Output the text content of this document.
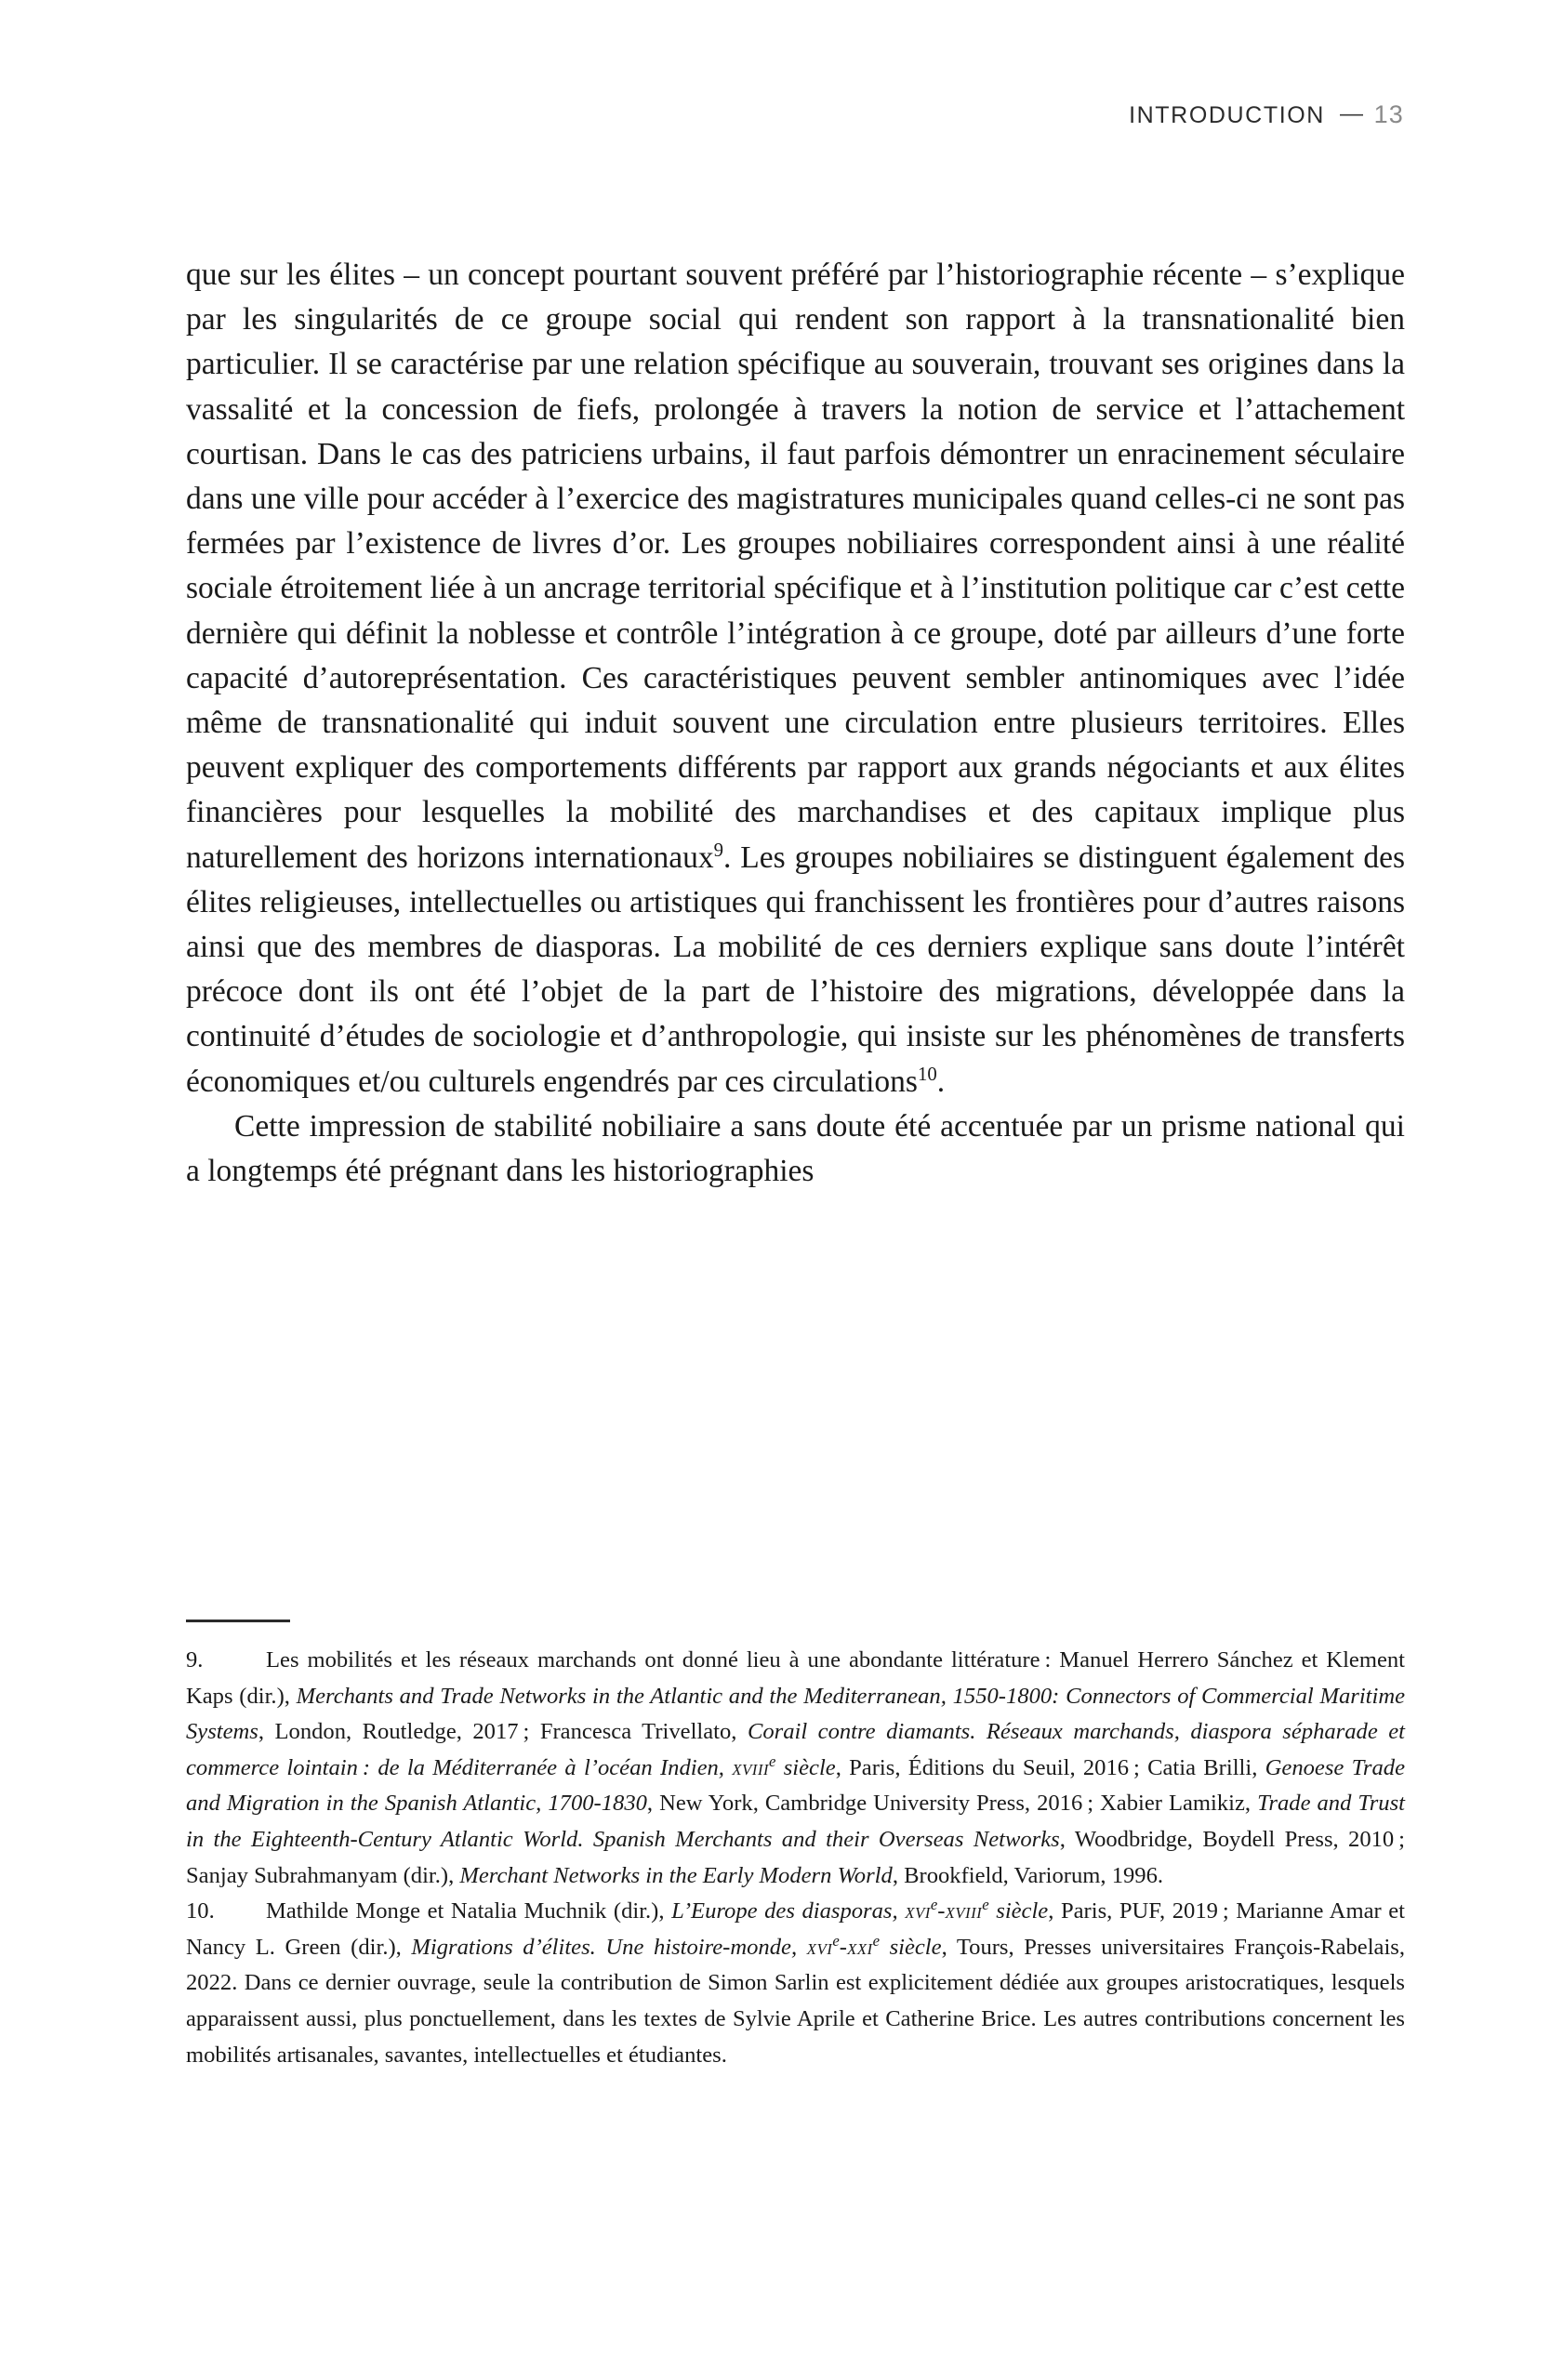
INTRODUCTION — 13

que sur les élites – un concept pourtant souvent préféré par l’historiographie récente – s’explique par les singularités de ce groupe social qui rendent son rapport à la transnationalité bien particulier. Il se caractérise par une relation spécifique au souverain, trouvant ses origines dans la vassalité et la concession de fiefs, prolongée à travers la notion de service et l’attachement courtisan. Dans le cas des patriciens urbains, il faut parfois démontrer un enracinement séculaire dans une ville pour accéder à l’exercice des magistratures municipales quand celles-ci ne sont pas fermées par l’existence de livres d’or. Les groupes nobiliaires correspondent ainsi à une réalité sociale étroitement liée à un ancrage territorial spécifique et à l’institution politique car c’est cette dernière qui définit la noblesse et contrôle l’intégration à ce groupe, doté par ailleurs d’une forte capacité d’autoreprésentation. Ces caractéristiques peuvent sembler antinomiques avec l’idée même de transnationalité qui induit souvent une circulation entre plusieurs territoires. Elles peuvent expliquer des comportements différents par rapport aux grands négociants et aux élites financières pour lesquelles la mobilité des marchandises et des capitaux implique plus naturellement des horizons internationaux$^9$. Les groupes nobiliaires se distinguent également des élites religieuses, intellectuelles ou artistiques qui franchissent les frontières pour d’autres raisons ainsi que des membres de diasporas. La mobilité de ces derniers explique sans doute l’intérêt précoce dont ils ont été l’objet de la part de l’histoire des migrations, développée dans la continuité d’études de sociologie et d’anthropologie, qui insiste sur les phénomènes de transferts économiques et/ou culturels engendrés par ces circulations$^{10}$.

Cette impression de stabilité nobiliaire a sans doute été accentuée par un prisme national qui a longtemps été prégnant dans les historiographies

9.	Les mobilités et les réseaux marchands ont donné lieu à une abondante littérature : Manuel Herrero Sánchez et Klement Kaps (dir.), Merchants and Trade Networks in the Atlantic and the Mediterranean, 1550-1800: Connectors of Commercial Maritime Systems, London, Routledge, 2017 ; Francesca Trivellato, Corail contre diamants. Réseaux marchands, diaspora sépharade et commerce lointain : de la Méditerranée à l’océan Indien, xviii$^e$ siècle, Paris, Éditions du Seuil, 2016 ; Catia Brilli, Genoese Trade and Migration in the Spanish Atlantic, 1700-1830, New York, Cambridge University Press, 2016 ; Xabier Lamikiz, Trade and Trust in the Eighteenth-Century Atlantic World. Spanish Merchants and their Overseas Networks, Woodbridge, Boydell Press, 2010 ; Sanjay Subrahmanyam (dir.), Merchant Networks in the Early Modern World, Brookfield, Variorum, 1996.

10. Mathilde Monge et Natalia Muchnik (dir.), L’Europe des diasporas, xvi$^e$-xviii$^e$ siècle, Paris, PUF, 2019 ; Marianne Amar et Nancy L. Green (dir.), Migrations d’élites. Une histoire-monde, xvi$^e$-xxi$^e$ siècle, Tours, Presses universitaires François-Rabelais, 2022. Dans ce dernier ouvrage, seule la contribution de Simon Sarlin est explicitement dédiée aux groupes aristocratiques, lesquels apparaissent aussi, plus ponctuellement, dans les textes de Sylvie Aprile et Catherine Brice. Les autres contributions concernent les mobilités artisanales, savantes, intellectuelles et étudiantes.
